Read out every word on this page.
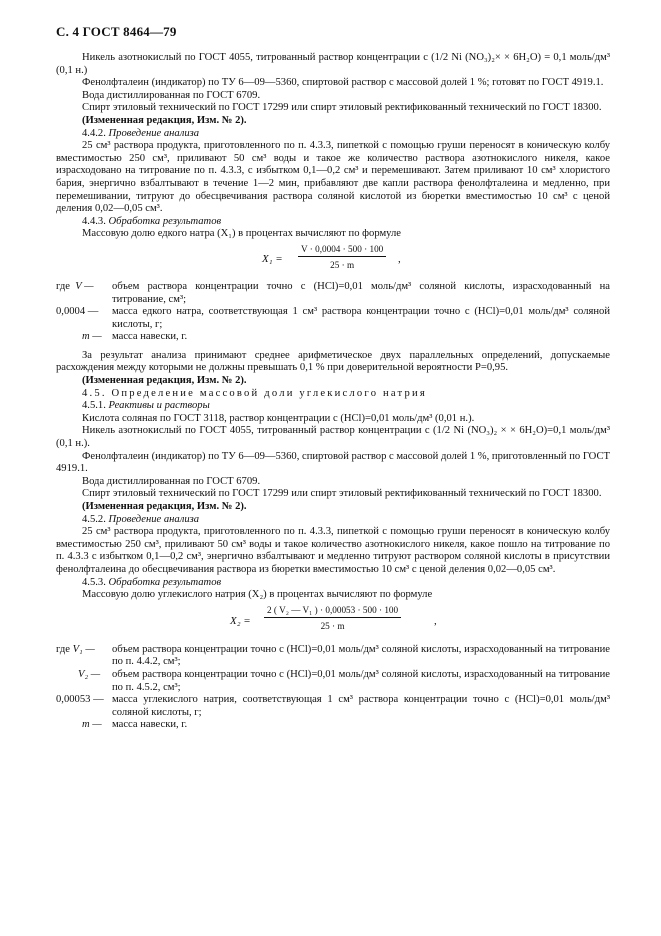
С. 4 ГОСТ 8464—79

Никель азотнокислый по ГОСТ 4055, титрованный раствор концентрации с (1/2 Ni (NO₃)₂× × 6H₂O) = 0,1 моль/дм³ (0,1 н.)

Фенолфталеин (индикатор) по ТУ 6—09—5360, спиртовой раствор с массовой долей 1 %; готовят по ГОСТ 4919.1.

Вода дистиллированная по ГОСТ 6709.

Спирт этиловый технический по ГОСТ 17299 или спирт этиловый ректификованный технический по ГОСТ 18300.

(Измененная редакция, Изм. № 2).

4.4.2. Проведение анализа

25 см³ раствора продукта, приготовленного по п. 4.3.3, пипеткой с помощью груши переносят в коническую колбу вместимостью 250 см³, приливают 50 см³ воды и такое же количество раствора азотнокислого никеля, какое израсходовано на титрование по п. 4.3.3, с избытком 0,1—0,2 см³ и перемешивают. Затем приливают 10 см³ хлористого бария, энергично взбалтывают в течение 1—2 мин, прибавляют две капли раствора фенолфталеина и медленно, при перемешивании, титруют до обесцвечивания раствора соляной кислотой из бюретки вместимостью 10 см³ с ценой деления 0,02—0,05 см³.

4.4.3. Обработка результатов

Массовую долю едкого натра (X₁) в процентах вычисляют по формуле

$X_1 = \frac{V \cdot 0,0004 \cdot 500 \cdot 100}{25 \cdot m}$ ,
где V —	объем раствора концентрации точно с (HCl)=0,01 моль/дм³ соляной кислоты, израсходованный на титрование, см³;
0,0004 —	масса едкого натра, соответствующая 1 см³ раствора концентрации точно с (HCl)=0,01 моль/дм³ соляной кислоты, г;
m — масса навески, г.

За результат анализа принимают среднее арифметическое двух параллельных определений, допускаемые расхождения между которыми не должны превышать 0,1 % при доверительной вероятности P=0,95.

(Измененная редакция, Изм. № 2).

4.5. Определение массовой доли углекислого натрия

4.5.1. Реактивы и растворы

Кислота соляная по ГОСТ 3118, раствор концентрации с (HCl)=0,01 моль/дм³ (0,01 н.).

Никель азотнокислый по ГОСТ 4055, титрованный раствор концентрации с (1/2 Ni (NO₃)₂ × × 6H₂O)=0,1 моль/дм³ (0,1 н.).

Фенолфталеин (индикатор) по ТУ 6—09—5360, спиртовой раствор с массовой долей 1 %, приготовленный по ГОСТ 4919.1.

Вода дистиллированная по ГОСТ 6709.

Спирт этиловый технический по ГОСТ 17299 или спирт этиловый ректификованный технический по ГОСТ 18300.

(Измененная редакция, Изм. № 2).

4.5.2. Проведение анализа

25 см³ раствора продукта, приготовленного по п. 4.3.3, пипеткой с помощью груши переносят в коническую колбу вместимостью 250 см³, приливают 50 см³ воды и такое количество азотнокислого никеля, какое пошло на титрование по п. 4.3.3 с избытком 0,1—0,2 см³, энергично взбалтывают и медленно титруют раствором соляной кислоты в присутствии фенолфталеина до обесцвечивания раствора из бюретки вместимостью 10 см³ с ценой деления 0,02—0,05 см³.

4.5.3. Обработка результатов

Массовую долю углекислого натрия (X₂) в процентах вычисляют по формуле

$X_2 = \frac{\text{2 ( V₂ — V₁ ) · 0,00053 · 500 · 100}}{25 \cdot m}$	,
где V₁ —	объем раствора концентрации точно с (HCl)=0,01 моль/дм³ соляной кислоты, израсходованный на титрование по п. 4.4.2, см³;
V₂ —	объем раствора концентрации точно с (HCl)=0,01 моль/дм³ соляной кислоты, израсходованный на титрование по п. 4.5.2, см³;
0,00053 — масса углекислого натрия, соответствующая 1 см³ раствора концентрации точно с (HCl)=0,01 моль/дм³ соляной кислоты, г;
m — масса навески, г.
